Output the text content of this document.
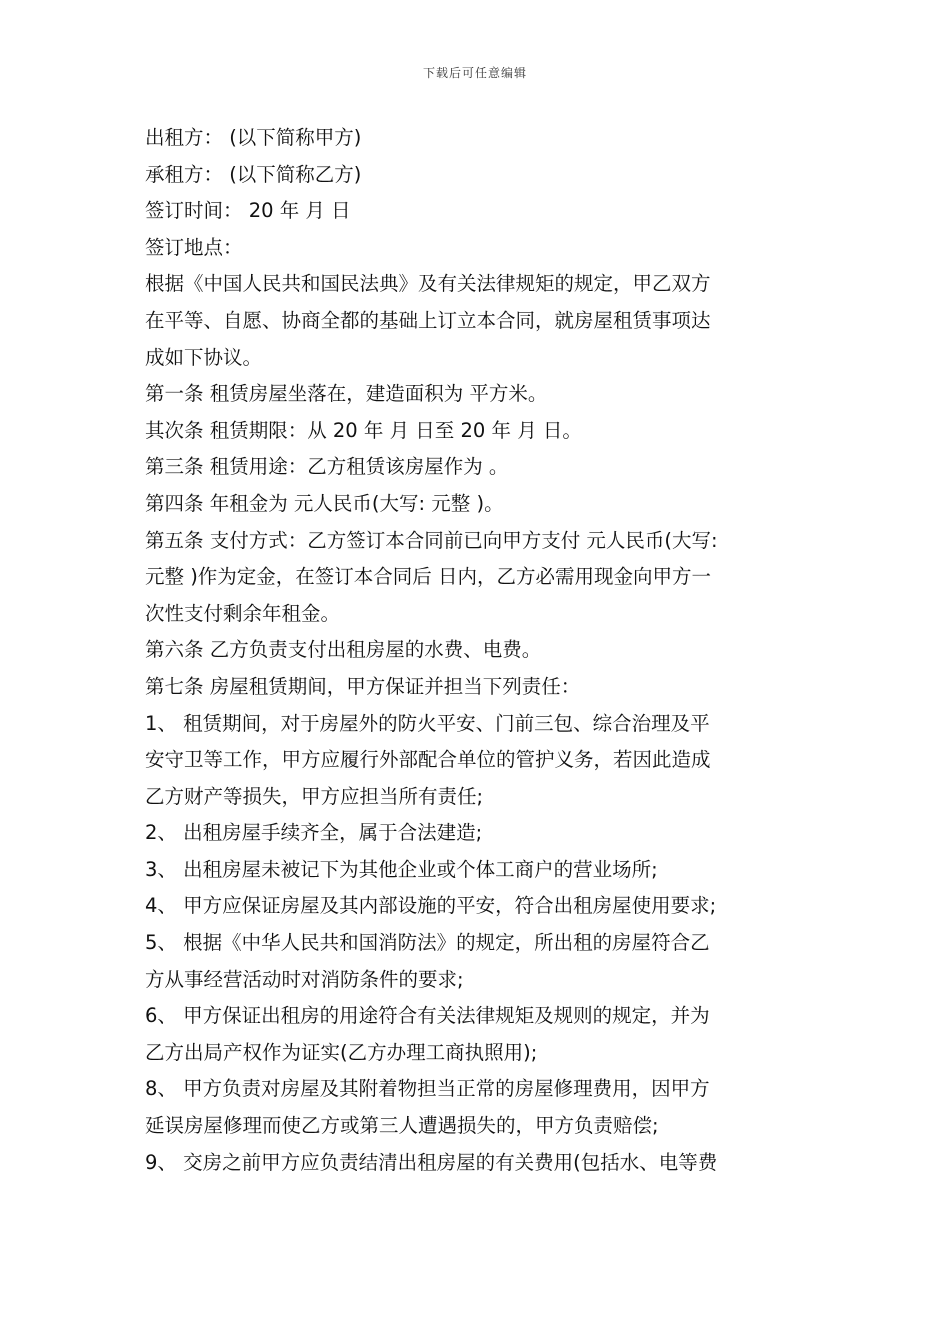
下载后可任意编辑
出租方： (以下简称甲方)
承租方： (以下简称乙方)
签订时间： 20 年 月 日
签订地点：
根据《中国人民共和国民法典》及有关法律规矩的规定，甲乙双方
在平等、自愿、协商全都的基础上订立本合同，就房屋租赁事项达
成如下协议。
第一条 租赁房屋坐落在，建造面积为 平方米。
其次条 租赁期限：从 20 年 月 日至 20 年 月 日。
第三条 租赁用途：乙方租赁该房屋作为 。
第四条 年租金为 元人民币(大写: 元整 )。
第五条 支付方式：乙方签订本合同前已向甲方支付 元人民币(大写:
元整 )作为定金，在签订本合同后 日内，乙方必需用现金向甲方一
次性支付剩余年租金。
第六条 乙方负责支付出租房屋的水费、电费。
第七条 房屋租赁期间，甲方保证并担当下列责任：
1、 租赁期间，对于房屋外的防火平安、门前三包、综合治理及平
安守卫等工作，甲方应履行外部配合单位的管护义务，若因此造成
乙方财产等损失，甲方应担当所有责任;
2、 出租房屋手续齐全，属于合法建造;
3、 出租房屋未被记下为其他企业或个体工商户的营业场所;
4、 甲方应保证房屋及其内部设施的平安，符合出租房屋使用要求;
5、 根据《中华人民共和国消防法》的规定，所出租的房屋符合乙
方从事经营活动时对消防条件的要求;
6、 甲方保证出租房的用途符合有关法律规矩及规则的规定，并为
乙方出局产权作为证实(乙方办理工商执照用);
8、 甲方负责对房屋及其附着物担当正常的房屋修理费用，因甲方
延误房屋修理而使乙方或第三人遭遇损失的，甲方负责赔偿;
9、 交房之前甲方应负责结清出租房屋的有关费用(包括水、电等费
